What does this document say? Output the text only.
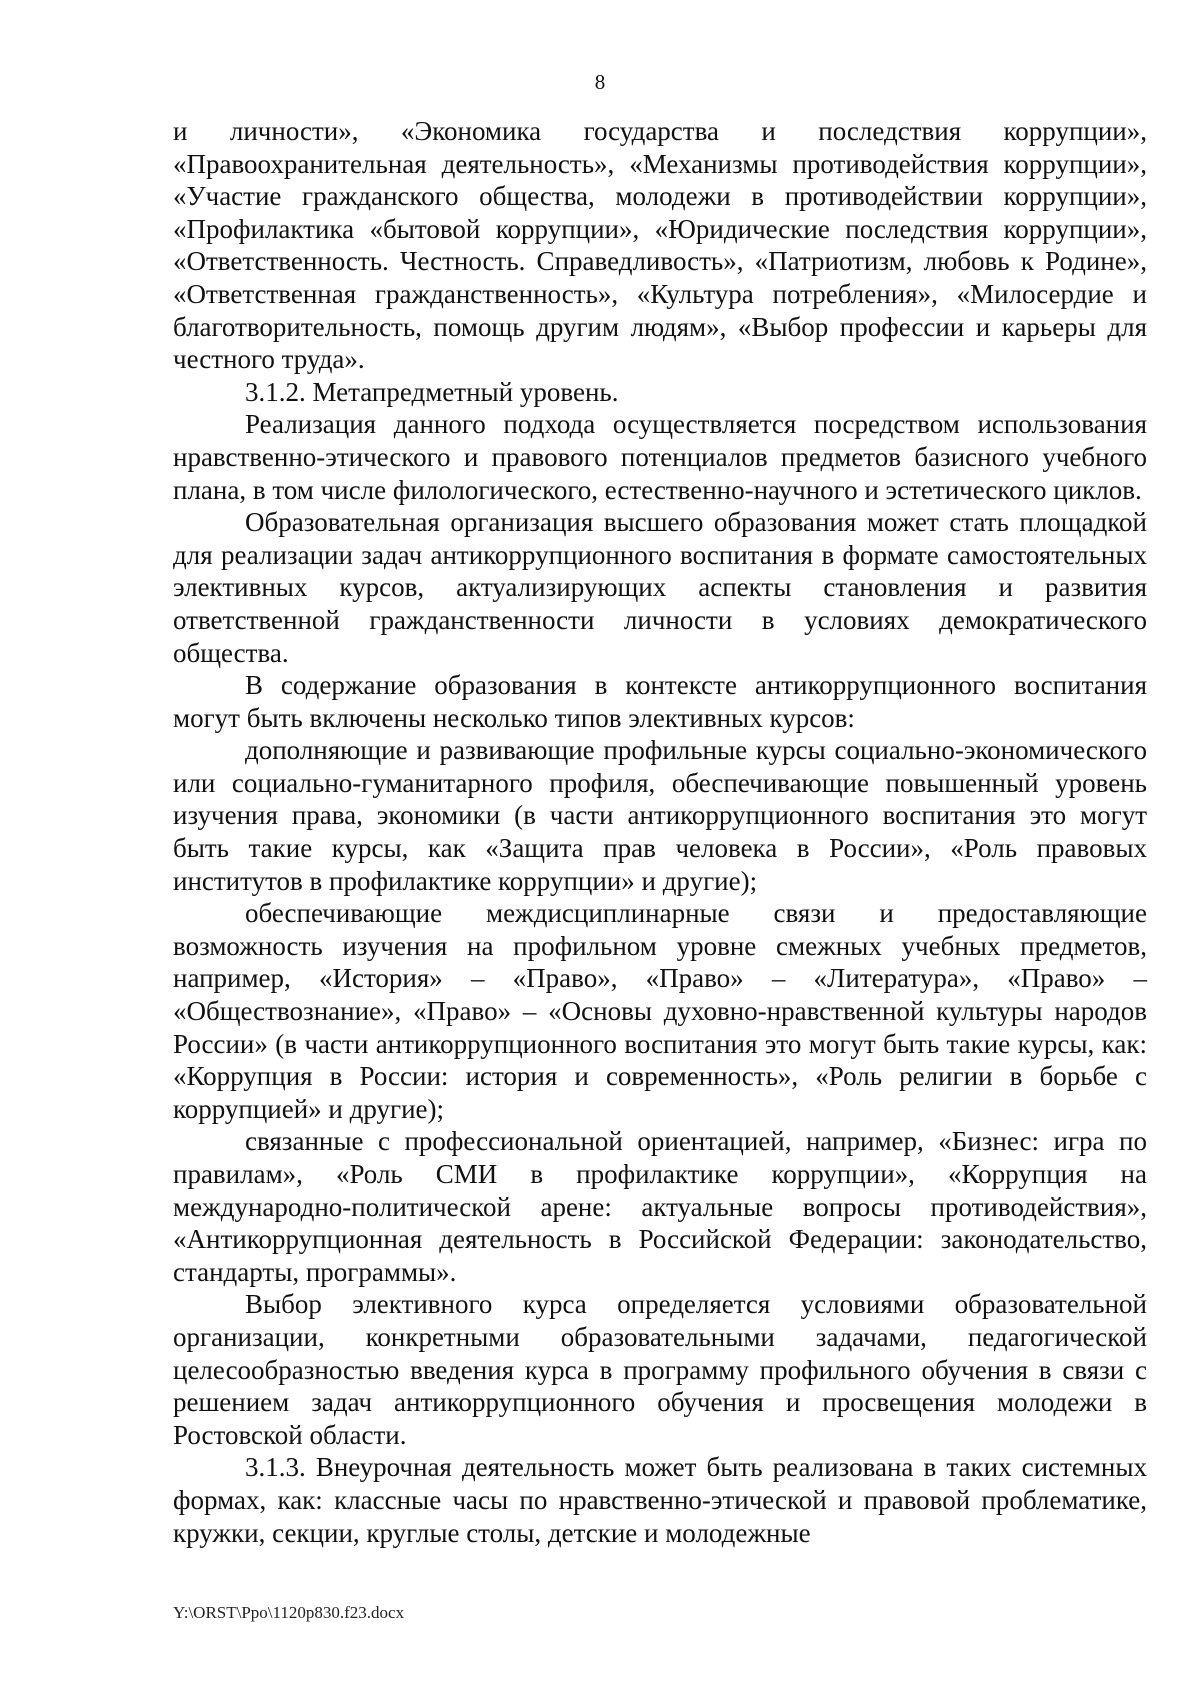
8

и личности», «Экономика государства и последствия коррупции», «Правоохранительная деятельность», «Механизмы противодействия коррупции», «Участие гражданского общества, молодежи в противодействии коррупции», «Профилактика «бытовой коррупции», «Юридические последствия коррупции», «Ответственность. Честность. Справедливость», «Патриотизм, любовь к Родине», «Ответственная гражданственность», «Культура потребления», «Милосердие и благотворительность, помощь другим людям», «Выбор профессии и карьеры для честного труда».

3.1.2. Метапредметный уровень.

Реализация данного подхода осуществляется посредством использования нравственно-этического и правового потенциалов предметов базисного учебного плана, в том числе филологического, естественно-научного и эстетического циклов.

Образовательная организация высшего образования может стать площадкой для реализации задач антикоррупционного воспитания в формате самостоятельных элективных курсов, актуализирующих аспекты становления и развития ответственной гражданственности личности в условиях демократического общества.

В содержание образования в контексте антикоррупционного воспитания могут быть включены несколько типов элективных курсов:

дополняющие и развивающие профильные курсы социально-экономического или социально-гуманитарного профиля, обеспечивающие повышенный уровень изучения права, экономики (в части антикоррупционного воспитания это могут быть такие курсы, как «Защита прав человека в России», «Роль правовых институтов в профилактике коррупции» и другие);

обеспечивающие междисциплинарные связи и предоставляющие возможность изучения на профильном уровне смежных учебных предметов, например, «История» – «Право», «Право» – «Литература», «Право» – «Обществознание», «Право» – «Основы духовно-нравственной культуры народов России» (в части антикоррупционного воспитания это могут быть такие курсы, как: «Коррупция в России: история и современность», «Роль религии в борьбе с коррупцией» и другие);

связанные с профессиональной ориентацией, например, «Бизнес: игра по правилам», «Роль СМИ в профилактике коррупции», «Коррупция на международно-политической арене: актуальные вопросы противодействия», «Антикоррупционная деятельность в Российской Федерации: законодательство, стандарты, программы».

Выбор элективного курса определяется условиями образовательной организации, конкретными образовательными задачами, педагогической целесообразностью введения курса в программу профильного обучения в связи с решением задач антикоррупционного обучения и просвещения молодежи в Ростовской области.

3.1.3. Внеурочная деятельность может быть реализована в таких системных формах, как: классные часы по нравственно-этической и правовой проблематике, кружки, секции, круглые столы, детские и молодежные

Y:\ORST\Ppo\1120p830.f23.docx
